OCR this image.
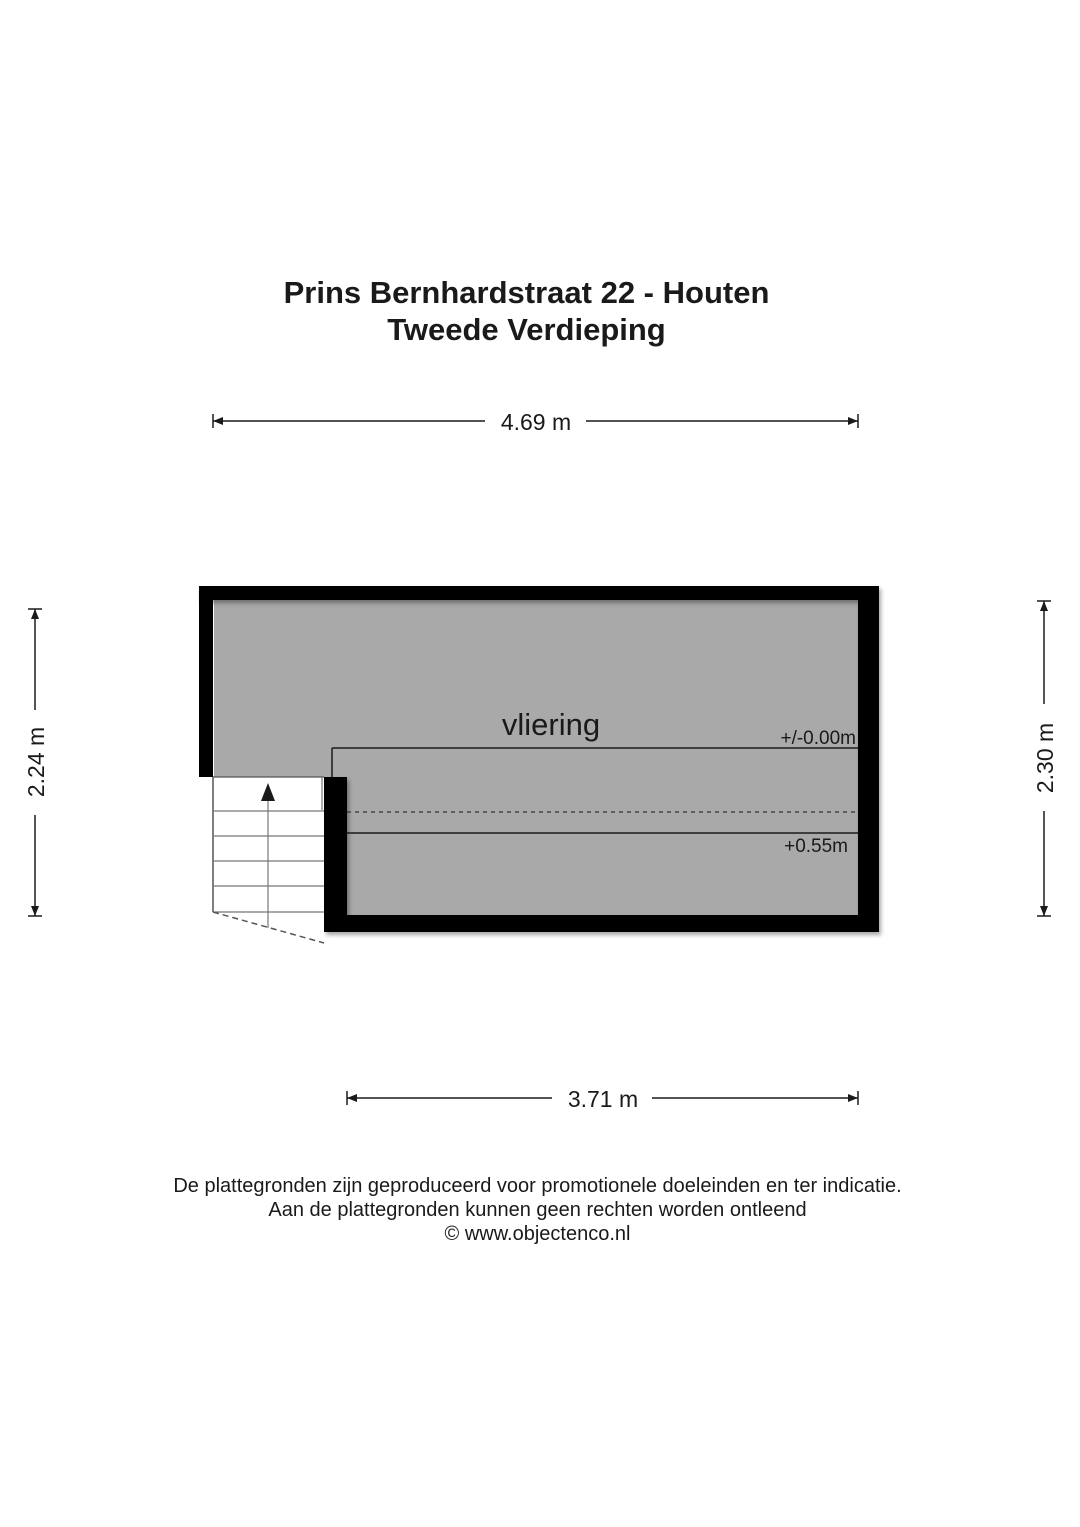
Prins Bernhardstraat 22 - Houten
Tweede Verdieping
4.69 m
3.71 m
2.24 m	2.30 m
vliering	+/-0.00m
+0.55m
De plattegronden zijn geproduceerd voor promotionele doeleinden en ter indicatie.
Aan de plattegronden kunnen geen rechten worden ontleend
© www.objectenco.nl
